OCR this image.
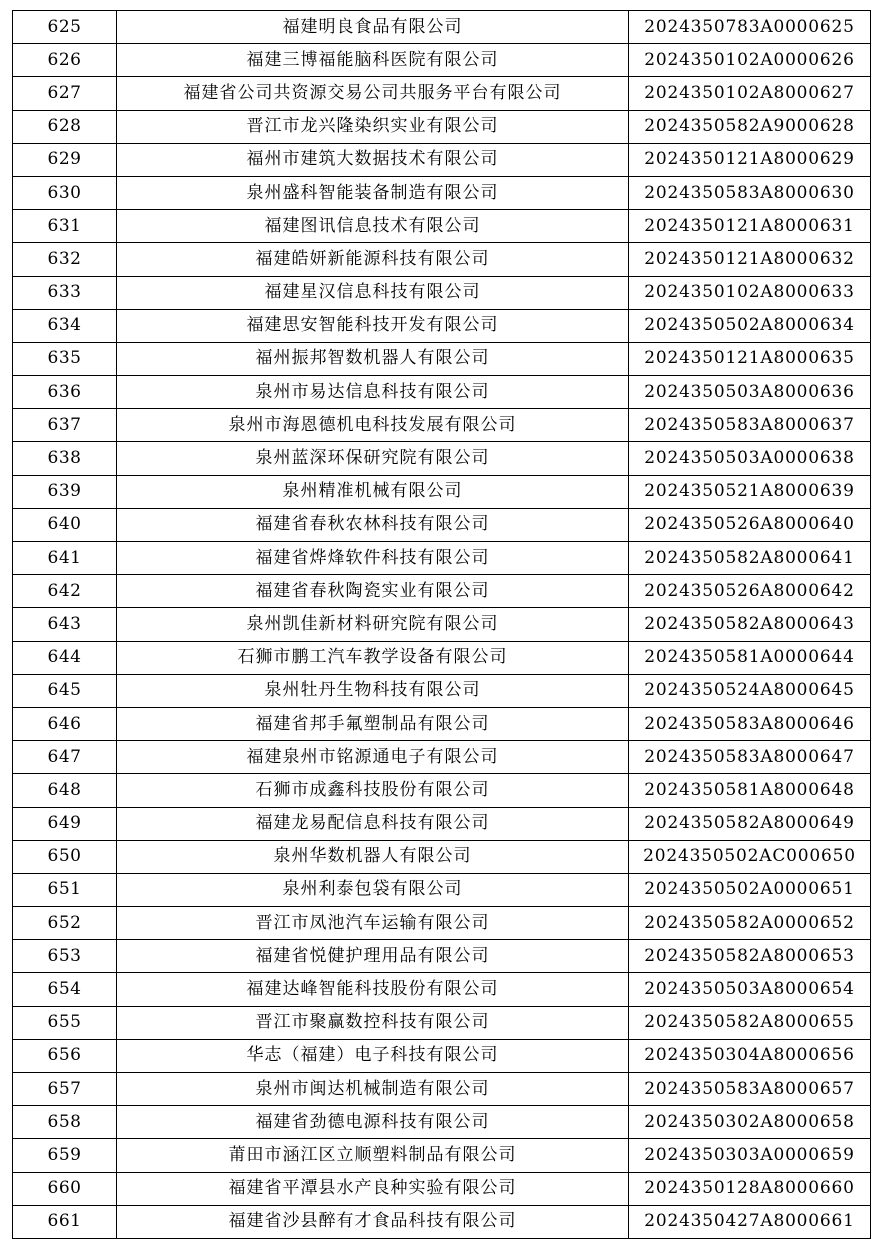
625	福建明良食品有限公司	2024350783A0000625
626	福建三博福能脑科医院有限公司	2024350102A0000626
627	福建省公司共资源交易公司共服务平台有限公司	2024350102A8000627
628	晋江市龙兴隆染织实业有限公司	2024350582A9000628
629	福州市建筑大数据技术有限公司	2024350121A8000629
630	泉州盛科智能装备制造有限公司	2024350583A8000630
631	福建图讯信息技术有限公司	2024350121A8000631
632	福建皓妍新能源科技有限公司	2024350121A8000632
633	福建星汉信息科技有限公司	2024350102A8000633
634	福建思安智能科技开发有限公司	2024350502A8000634
635	福州振邦智数机器人有限公司	2024350121A8000635
636	泉州市易达信息科技有限公司	2024350503A8000636
637	泉州市海恩德机电科技发展有限公司	2024350583A8000637
638	泉州蓝深环保研究院有限公司	2024350503A0000638
639	泉州精准机械有限公司	2024350521A8000639
640	福建省春秋农林科技有限公司	2024350526A8000640
641	福建省烨烽软件科技有限公司	2024350582A8000641
642	福建省春秋陶瓷实业有限公司	2024350526A8000642
643	泉州凯佳新材料研究院有限公司	2024350582A8000643
644	石狮市鹏工汽车教学设备有限公司	2024350581A0000644
645	泉州牡丹生物科技有限公司	2024350524A8000645
646	福建省邦手氟塑制品有限公司	2024350583A8000646
647	福建泉州市铭源通电子有限公司	2024350583A8000647
648	石狮市成鑫科技股份有限公司	2024350581A8000648
649	福建龙易配信息科技有限公司	2024350582A8000649
650	泉州华数机器人有限公司	2024350502AC000650
651	泉州利泰包袋有限公司	2024350502A0000651
652	晋江市凤池汽车运输有限公司	2024350582A0000652
653	福建省悦健护理用品有限公司	2024350582A8000653
654	福建达峰智能科技股份有限公司	2024350503A8000654
655	晋江市聚赢数控科技有限公司	2024350582A8000655
656	华志（福建）电子科技有限公司	2024350304A8000656
657	泉州市闽达机械制造有限公司	2024350583A8000657
658	福建省劲德电源科技有限公司	2024350302A8000658
659	莆田市涵江区立顺塑料制品有限公司	2024350303A0000659
660	福建省平潭县水产良种实验有限公司	2024350128A8000660
661	福建省沙县醉有才食品科技有限公司	2024350427A8000661
